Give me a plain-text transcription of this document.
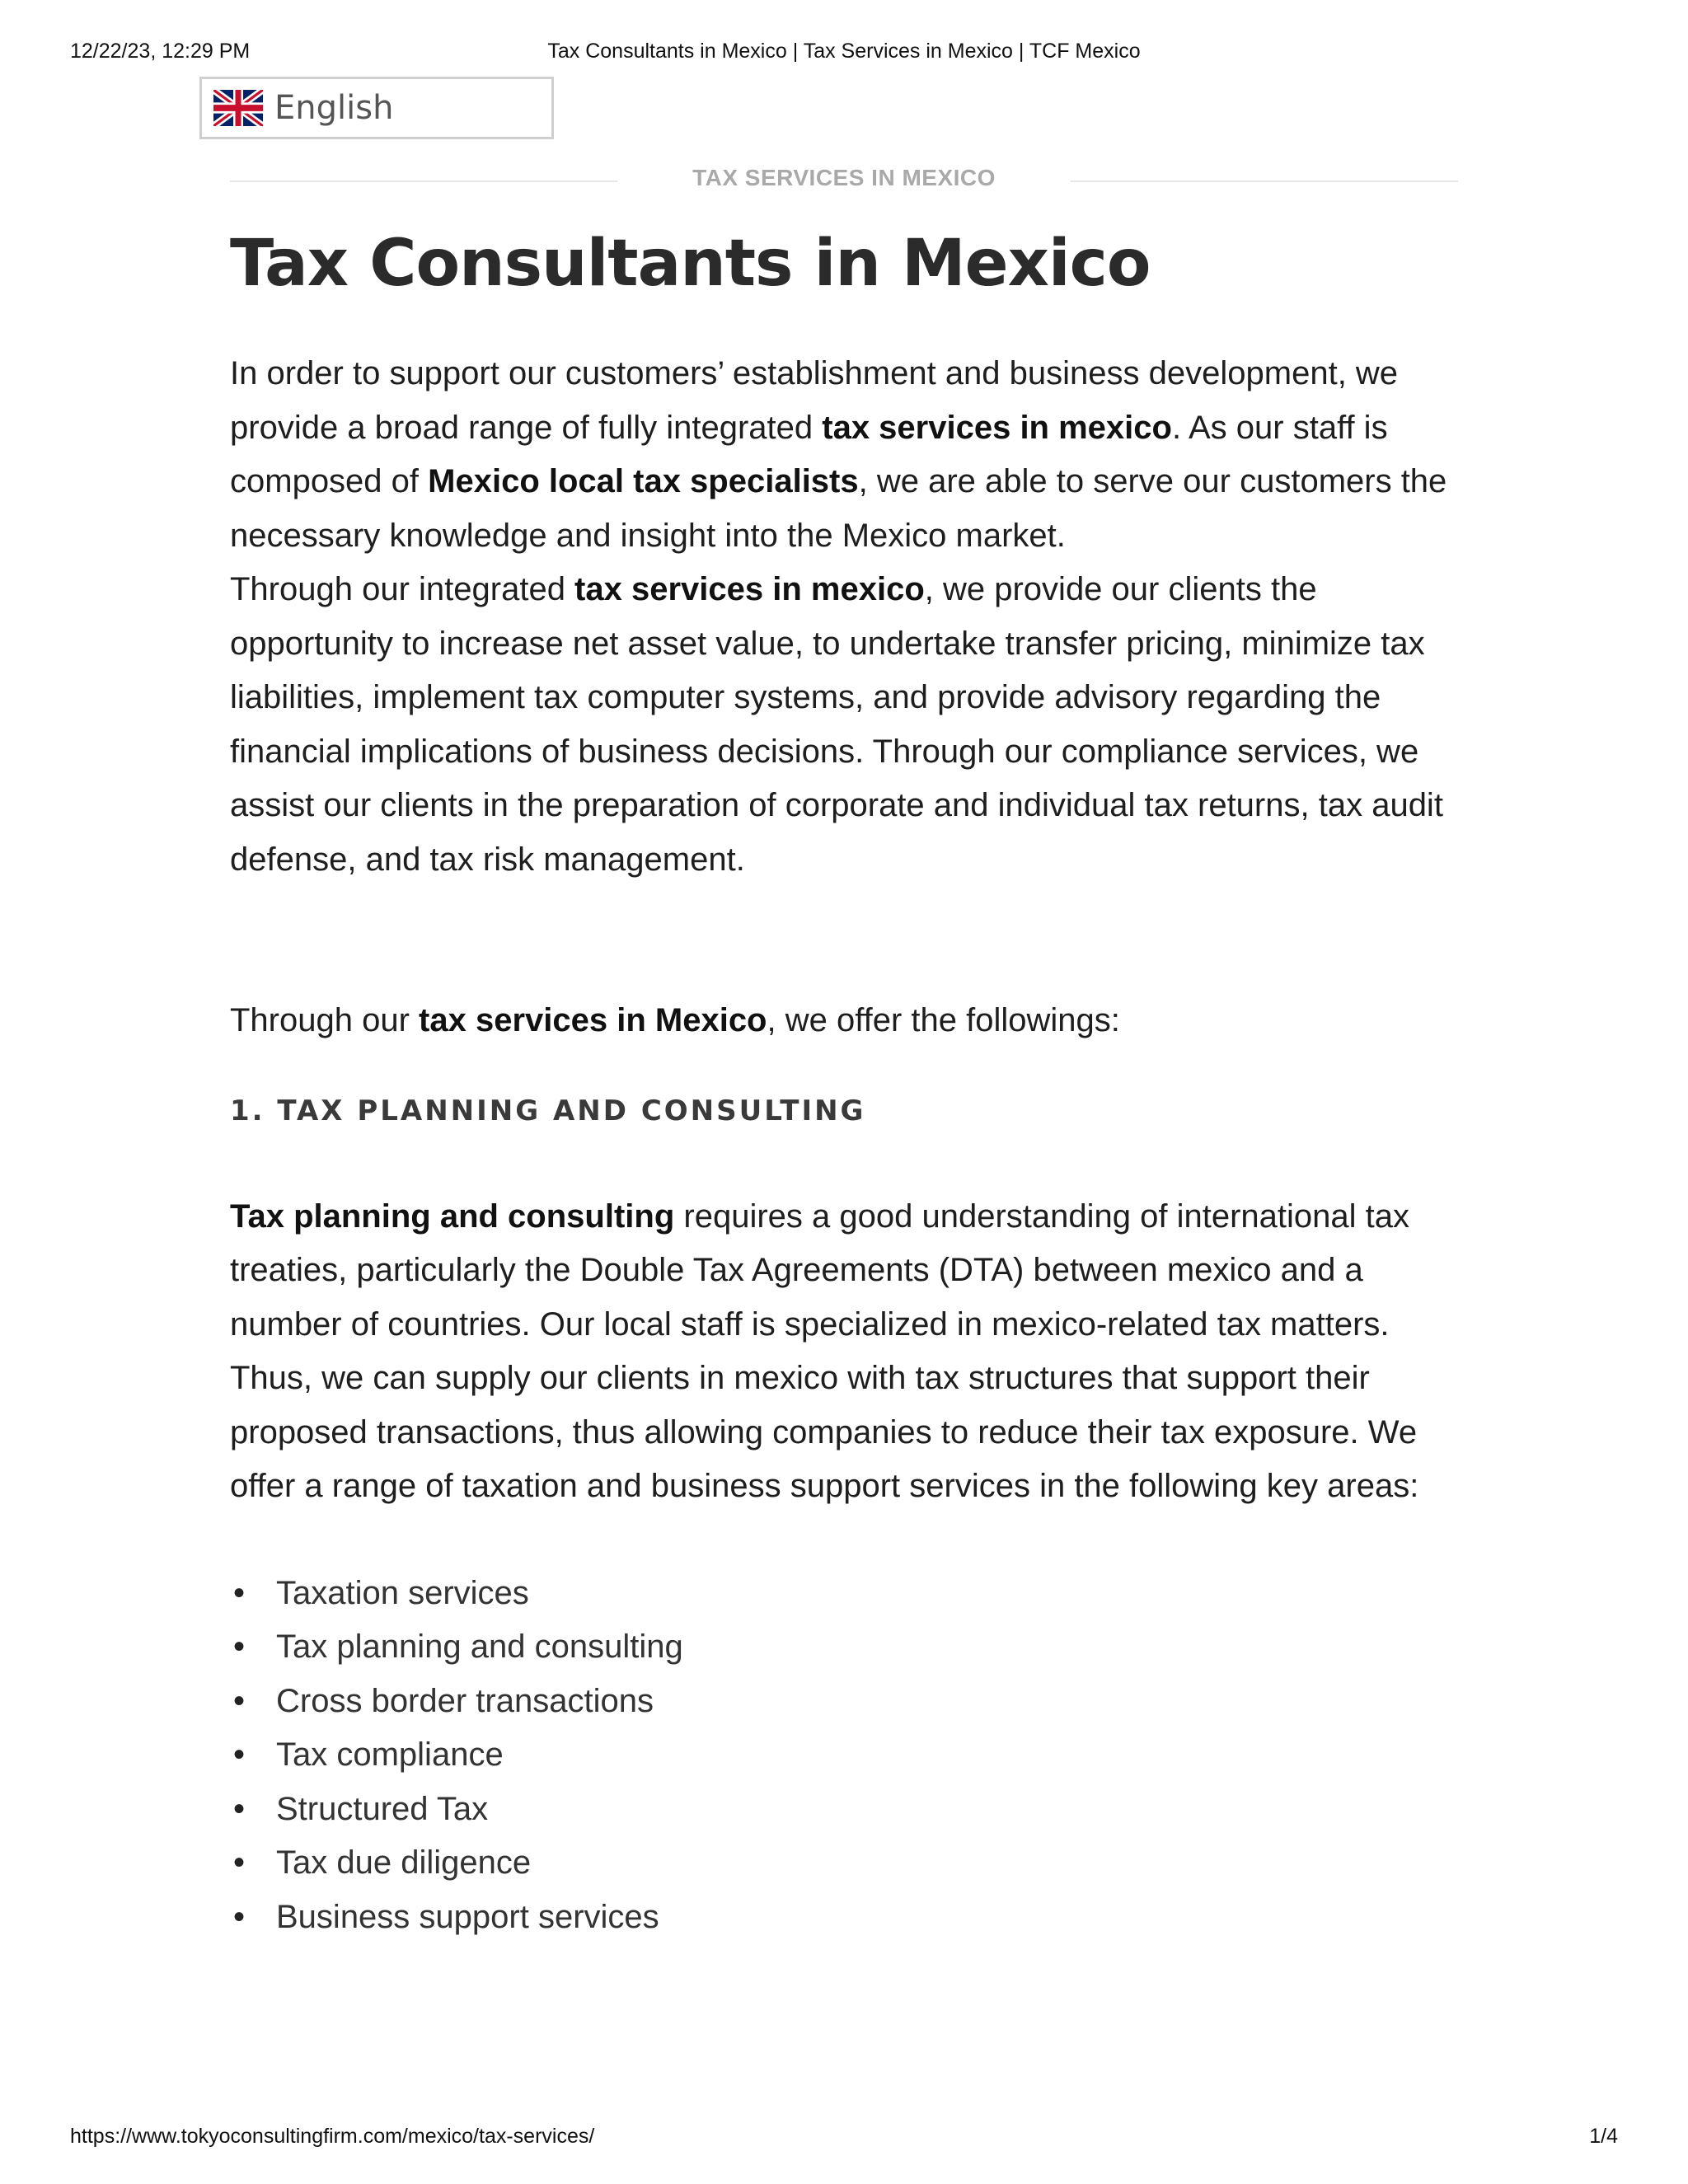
12/22/23, 12:29 PM	Tax Consultants in Mexico | Tax Services in Mexico | TCF Mexico
English
TAX SERVICES IN MEXICO
Tax Consultants in Mexico

In order to support our customers’ establishment and business development, we provide a broad range of fully integrated tax services in mexico. As our staff is composed of Mexico local tax specialists, we are able to serve our customers the necessary knowledge and insight into the Mexico market.
Through our integrated tax services in mexico, we provide our clients the opportunity to increase net asset value, to undertake transfer pricing, minimize tax liabilities, implement tax computer systems, and provide advisory regarding the financial implications of business decisions. Through our compliance services, we assist our clients in the preparation of corporate and individual tax returns, tax audit defense, and tax risk management.

Through our tax services in Mexico, we offer the followings:

1. TAX PLANNING AND CONSULTING

Tax planning and consulting requires a good understanding of international tax treaties, particularly the Double Tax Agreements (DTA) between mexico and a number of countries. Our local staff is specialized in mexico-related tax matters. Thus, we can supply our clients in mexico with tax structures that support their proposed transactions, thus allowing companies to reduce their tax exposure. We offer a range of taxation and business support services in the following key areas:

• Taxation services
• Tax planning and consulting
• Cross border transactions
• Tax compliance
• Structured Tax
• Tax due diligence
• Business support services
https://www.tokyoconsultingfirm.com/mexico/tax-services/	1/4
